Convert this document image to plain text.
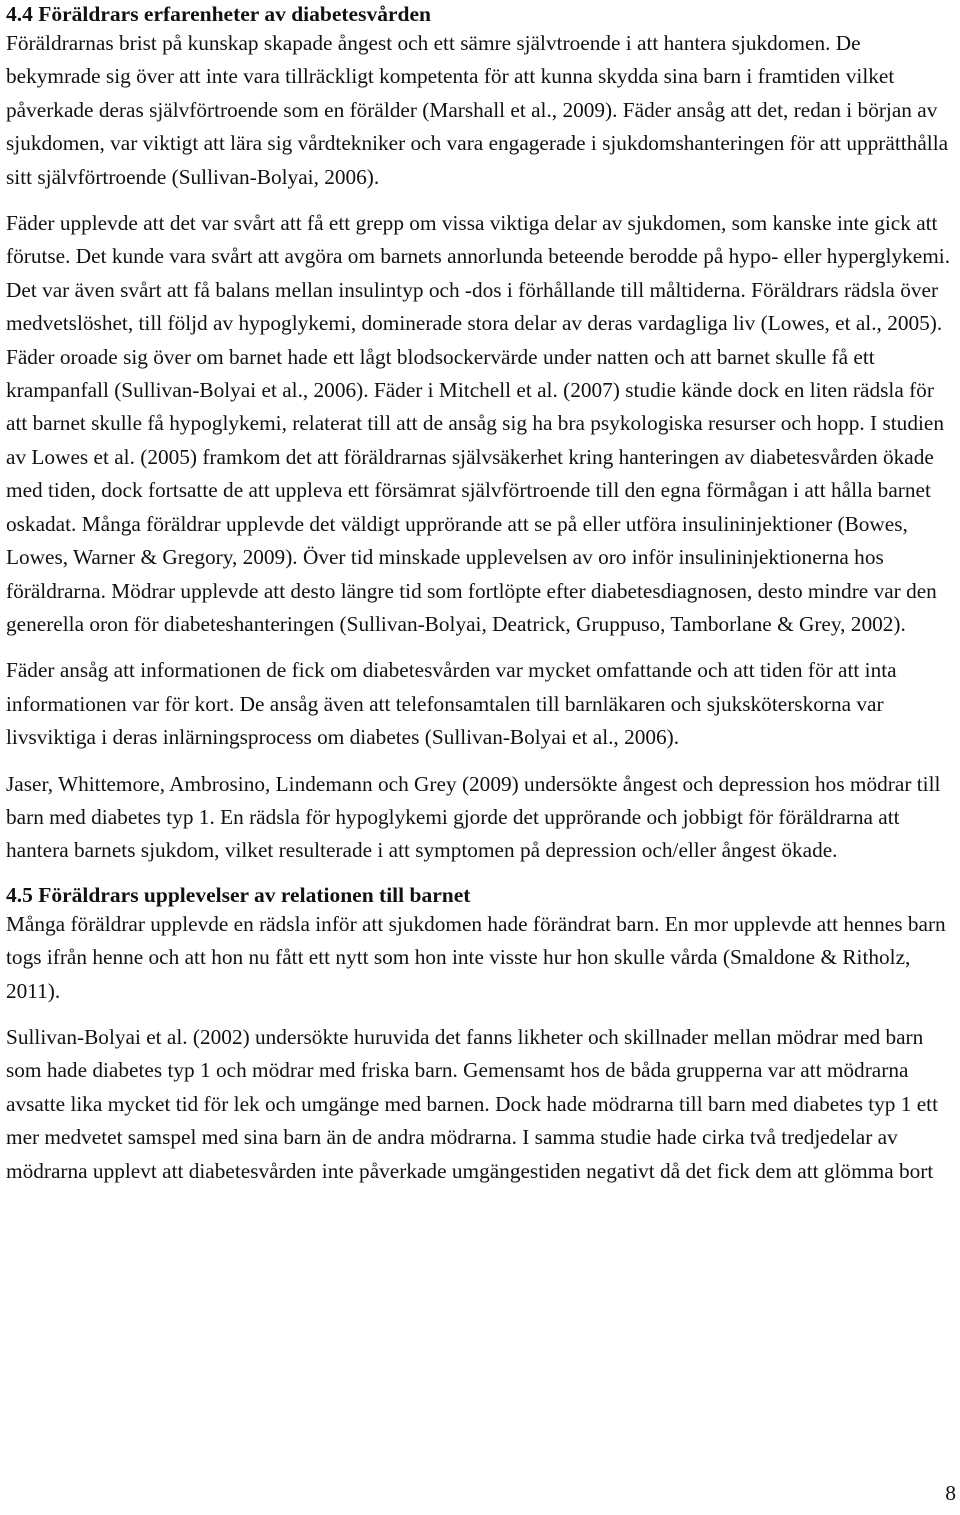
4.4 Föräldrars erfarenheter av diabetesvården

Föräldrarnas brist på kunskap skapade ångest och ett sämre självtroende i att hantera sjukdomen. De bekymrade sig över att inte vara tillräckligt kompetenta för att kunna skydda sina barn i framtiden vilket påverkade deras självförtroende som en förälder (Marshall et al., 2009). Fäder ansåg att det, redan i början av sjukdomen, var viktigt att lära sig vårdtekniker och vara engagerade i sjukdomshanteringen för att upprätthålla sitt självförtroende (Sullivan-Bolyai, 2006).

Fäder upplevde att det var svårt att få ett grepp om vissa viktiga delar av sjukdomen, som kanske inte gick att förutse. Det kunde vara svårt att avgöra om barnets annorlunda beteende berodde på hypo- eller hyperglykemi. Det var även svårt att få balans mellan insulintyp och -dos i förhållande till måltiderna. Föräldrars rädsla över medvetslöshet, till följd av hypoglykemi, dominerade stora delar av deras vardagliga liv (Lowes, et al., 2005). Fäder oroade sig över om barnet hade ett lågt blodsockervärde under natten och att barnet skulle få ett krampanfall (Sullivan-Bolyai et al., 2006). Fäder i Mitchell et al. (2007) studie kände dock en liten rädsla för att barnet skulle få hypoglykemi, relaterat till att de ansåg sig ha bra psykologiska resurser och hopp. I studien av Lowes et al. (2005) framkom det att föräldrarnas självsäkerhet kring hanteringen av diabetesvården ökade med tiden, dock fortsatte de att uppleva ett försämrat självförtroende till den egna förmågan i att hålla barnet oskadat. Många föräldrar upplevde det väldigt upprörande att se på eller utföra insulininjektioner (Bowes, Lowes, Warner & Gregory, 2009). Över tid minskade upplevelsen av oro inför insulininjektionerna hos föräldrarna. Mödrar upplevde att desto längre tid som fortlöpte efter diabetesdiagnosen, desto mindre var den generella oron för diabeteshanteringen (Sullivan-Bolyai, Deatrick, Gruppuso, Tamborlane & Grey, 2002).

Fäder ansåg att informationen de fick om diabetesvården var mycket omfattande och att tiden för att inta informationen var för kort. De ansåg även att telefonsamtalen till barnläkaren och sjuksköterskorna var livsviktiga i deras inlärningsprocess om diabetes (Sullivan-Bolyai et al., 2006).

Jaser, Whittemore, Ambrosino, Lindemann och Grey (2009) undersökte ångest och depression hos mödrar till barn med diabetes typ 1. En rädsla för hypoglykemi gjorde det upprörande och jobbigt för föräldrarna att hantera barnets sjukdom, vilket resulterade i att symptomen på depression och/eller ångest ökade.

4.5 Föräldrars upplevelser av relationen till barnet

Många föräldrar upplevde en rädsla inför att sjukdomen hade förändrat barn. En mor upplevde att hennes barn togs ifrån henne och att hon nu fått ett nytt som hon inte visste hur hon skulle vårda (Smaldone & Ritholz, 2011).

Sullivan-Bolyai et al. (2002) undersökte huruvida det fanns likheter och skillnader mellan mödrar med barn som hade diabetes typ 1 och mödrar med friska barn. Gemensamt hos de båda grupperna var att mödrarna avsatte lika mycket tid för lek och umgänge med barnen. Dock hade mödrarna till barn med diabetes typ 1 ett mer medvetet samspel med sina barn än de andra mödrarna. I samma studie hade cirka två tredjedelar av mödrarna upplevt att diabetesvården inte påverkade umgängestiden negativt då det fick dem att glömma bort

8
